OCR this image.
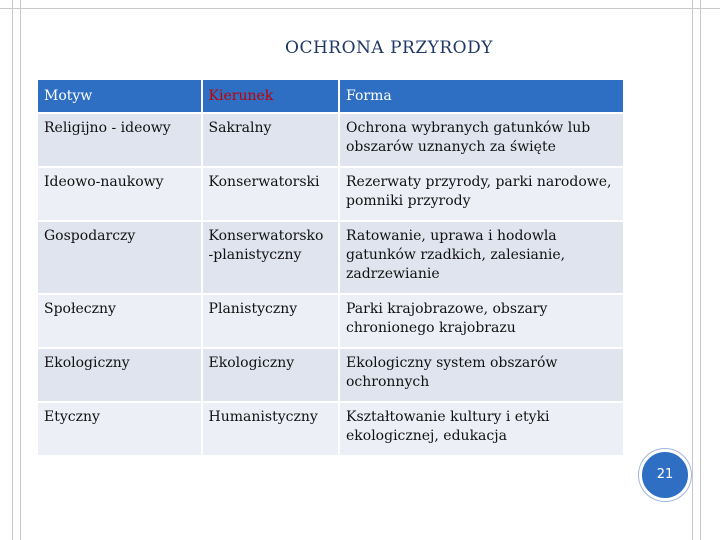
OCHRONA PRZYRODY
Motyw	Kierunek	Forma
Religijno - ideowy	Sakralny	Ochrona wybranych gatunków lub obszarów uznanych za święte
Ideowo-naukowy	Konserwatorski	Rezerwaty przyrody, parki narodowe, pomniki przyrody
Gospodarczy	Konserwatorsko -planistyczny	Ratowanie, uprawa i hodowla gatunków rzadkich, zalesianie, zadrzewianie
Społeczny	Planistyczny	Parki krajobrazowe, obszary chronionego krajobrazu
Ekologiczny	Ekologiczny	Ekologiczny system obszarów ochronnych
Etyczny	Humanistyczny	Kształtowanie kultury i etyki ekologicznej, edukacja
21
